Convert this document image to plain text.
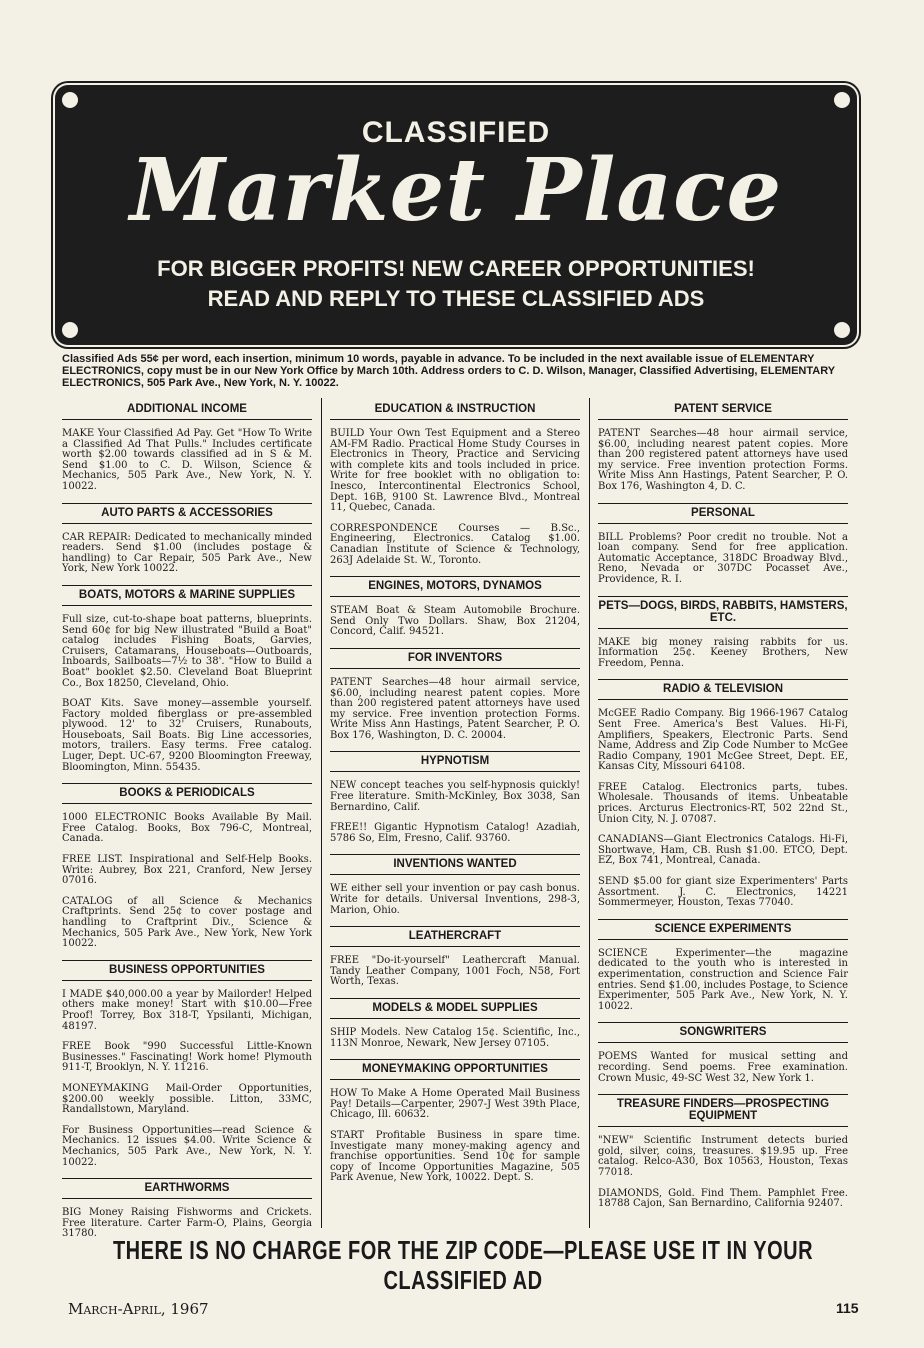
CLASSIFIED
Market Place
FOR BIGGER PROFITS! NEW CAREER OPPORTUNITIES!
READ AND REPLY TO THESE CLASSIFIED ADS
Classified Ads 55¢ per word, each insertion, minimum 10 words, payable in advance. To be included in the next available issue of ELEMENTARY ELECTRONICS, copy must be in our New York Office by March 10th. Address orders to C. D. Wilson, Manager, Classified Advertising, ELEMENTARY ELECTRONICS, 505 Park Ave., New York, N. Y. 10022.
ADDITIONAL INCOME
MAKE Your Classified Ad Pay. Get "How To Write a Classified Ad That Pulls." Includes certificate worth $2.00 towards classified ad in S & M. Send $1.00 to C. D. Wilson, Science & Mechanics, 505 Park Ave., New York, N. Y. 10022.
AUTO PARTS & ACCESSORIES
CAR REPAIR: Dedicated to mechanically minded readers. Send $1.00 (includes postage & handling) to Car Repair, 505 Park Ave., New York, New York 10022.
BOATS, MOTORS & MARINE SUPPLIES
Full size, cut-to-shape boat patterns, blueprints. Send 60¢ for big New illustrated "Build a Boat" catalog includes Fishing Boats, Garvies, Cruisers, Catamarans, Houseboats—Outboards, Inboards, Sailboats—7½ to 38'. "How to Build a Boat" booklet $2.50. Cleveland Boat Blueprint Co., Box 18250, Cleveland, Ohio.
BOAT Kits. Save money—assemble yourself. Factory molded fiberglass or pre-assembled plywood. 12' to 32' Cruisers, Runabouts, Houseboats, Sail Boats. Big Line accessories, motors, trailers. Easy terms. Free catalog. Luger, Dept. UC-67, 9200 Bloomington Freeway, Bloomington, Minn. 55435.
BOOKS & PERIODICALS
1000 ELECTRONIC Books Available By Mail. Free Catalog. Books, Box 796-C, Montreal, Canada.
FREE LIST. Inspirational and Self-Help Books. Write: Aubrey, Box 221, Cranford, New Jersey 07016.
CATALOG of all Science & Mechanics Craftprints. Send 25¢ to cover postage and handling to Craftprint Div., Science & Mechanics, 505 Park Ave., New York, New York 10022.
BUSINESS OPPORTUNITIES
I MADE $40,000.00 a year by Mailorder! Helped others make money! Start with $10.00—Free Proof! Torrey, Box 318-T, Ypsilanti, Michigan, 48197.
FREE Book "990 Successful Little-Known Businesses." Fascinating! Work home! Plymouth 911-T, Brooklyn, N. Y. 11216.
MONEYMAKING Mail-Order Opportunities, $200.00 weekly possible. Litton, 33MC, Randallstown, Maryland.
For Business Opportunities—read Science & Mechanics. 12 issues $4.00. Write Science & Mechanics, 505 Park Ave., New York, N. Y. 10022.
EARTHWORMS
BIG Money Raising Fishworms and Crickets. Free literature. Carter Farm-O, Plains, Georgia 31780.
EDUCATION & INSTRUCTION
BUILD Your Own Test Equipment and a Stereo AM-FM Radio. Practical Home Study Courses in Electronics in Theory, Practice and Servicing with complete kits and tools included in price. Write for free booklet with no obligation to: Inesco, Intercontinental Electronics School, Dept. 16B, 9100 St. Lawrence Blvd., Montreal 11, Quebec, Canada.
CORRESPONDENCE Courses — B.Sc., Engineering, Electronics. Catalog $1.00. Canadian Institute of Science & Technology, 263J Adelaide St. W., Toronto.
ENGINES, MOTORS, DYNAMOS
STEAM Boat & Steam Automobile Brochure. Send Only Two Dollars. Shaw, Box 21204, Concord, Calif. 94521.
FOR INVENTORS
PATENT Searches—48 hour airmail service, $6.00, including nearest patent copies. More than 200 registered patent attorneys have used my service. Free invention protection Forms. Write Miss Ann Hastings, Patent Searcher, P. O. Box 176, Washington, D. C. 20004.
HYPNOTISM
NEW concept teaches you self-hypnosis quickly! Free literature. Smith-McKinley, Box 3038, San Bernardino, Calif.
FREE!! Gigantic Hypnotism Catalog! Azadiah, 5786 So, Elm, Fresno, Calif. 93760.
INVENTIONS WANTED
WE either sell your invention or pay cash bonus. Write for details. Universal Inventions, 298-3, Marion, Ohio.
LEATHERCRAFT
FREE "Do-it-yourself" Leathercraft Manual. Tandy Leather Company, 1001 Foch, N58, Fort Worth, Texas.
MODELS & MODEL SUPPLIES
SHIP Models. New Catalog 15¢. Scientific, Inc., 113N Monroe, Newark, New Jersey 07105.
MONEYMAKING OPPORTUNITIES
HOW To Make A Home Operated Mail Business Pay! Details—Carpenter, 2907-J West 39th Place, Chicago, Ill. 60632.
START Profitable Business in spare time. Investigate many money-making agency and franchise opportunities. Send 10¢ for sample copy of Income Opportunities Magazine, 505 Park Avenue, New York, 10022. Dept. S.
PATENT SERVICE
PATENT Searches—48 hour airmail service, $6.00, including nearest patent copies. More than 200 registered patent attorneys have used my service. Free invention protection Forms. Write Miss Ann Hastings, Patent Searcher, P. O. Box 176, Washington 4, D. C.
PERSONAL
BILL Problems? Poor credit no trouble. Not a loan company. Send for free application. Automatic Acceptance, 318DC Broadway Blvd., Reno, Nevada or 307DC Pocasset Ave., Providence, R. I.
PETS—DOGS, BIRDS, RABBITS, HAMSTERS, ETC.
MAKE big money raising rabbits for us. Information 25¢. Keeney Brothers, New Freedom, Penna.
RADIO & TELEVISION
McGEE Radio Company. Big 1966-1967 Catalog Sent Free. America's Best Values. Hi-Fi, Amplifiers, Speakers, Electronic Parts. Send Name, Address and Zip Code Number to McGee Radio Company, 1901 McGee Street, Dept. EE, Kansas City, Missouri 64108.
FREE Catalog. Electronics parts, tubes. Wholesale. Thousands of items. Unbeatable prices. Arcturus Electronics-RT, 502 22nd St., Union City, N. J. 07087.
CANADIANS—Giant Electronics Catalogs. Hi-Fi, Shortwave, Ham, CB. Rush $1.00. ETCO, Dept. EZ, Box 741, Montreal, Canada.
SEND $5.00 for giant size Experimenters' Parts Assortment. J. C. Electronics, 14221 Sommermeyer, Houston, Texas 77040.
SCIENCE EXPERIMENTS
SCIENCE Experimenter—the magazine dedicated to the youth who is interested in experimentation, construction and Science Fair entries. Send $1.00, includes Postage, to Science Experimenter, 505 Park Ave., New York, N. Y. 10022.
SONGWRITERS
POEMS Wanted for musical setting and recording. Send poems. Free examination. Crown Music, 49-SC West 32, New York 1.
TREASURE FINDERS—PROSPECTING EQUIPMENT
"NEW" Scientific Instrument detects buried gold, silver, coins, treasures. $19.95 up. Free catalog. Relco-A30, Box 10563, Houston, Texas 77018.
DIAMONDS, Gold. Find Them. Pamphlet Free. 18788 Cajon, San Bernardino, California 92407.
THERE IS NO CHARGE FOR THE ZIP CODE—PLEASE USE IT IN YOUR CLASSIFIED AD
March-April, 1967	115
